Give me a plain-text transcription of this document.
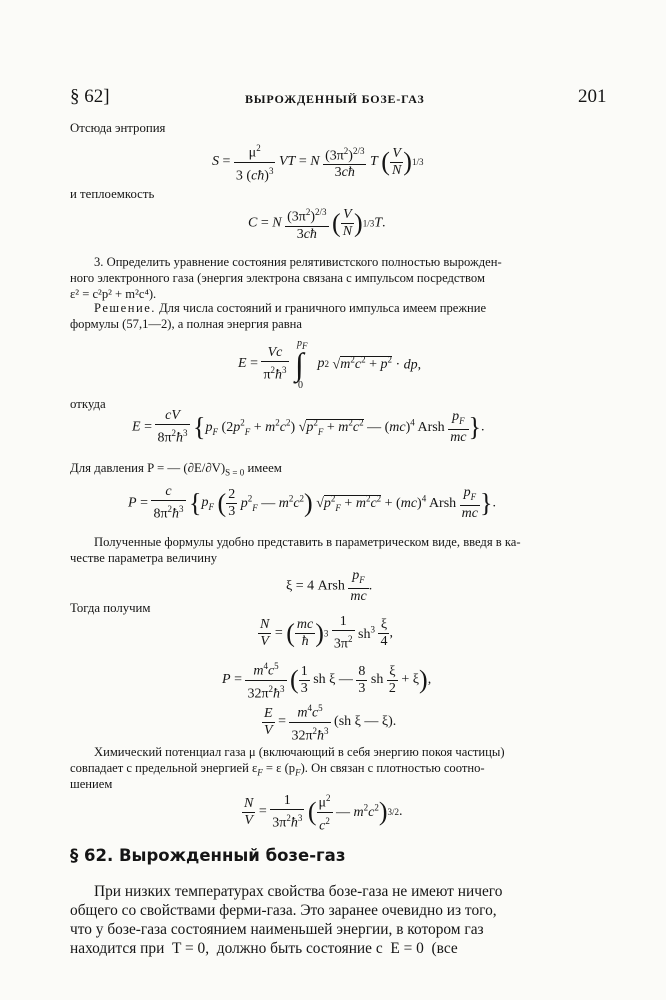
§ 62]	ВЫРОЖДЕННЫЙ БОЗЕ-ГАЗ	201
Отсюда энтропия
$S = \frac{\mu^2}{3 (cħ)^3}$ VT = N $\frac{(3\pi^2)^{2/3}}{3cħ}$ T ( $\frac{V}{N} )1/3$
и теплоемкость
C = N $\frac{(3\pi^2)^{2/3}}{3cħ}$ ( $\frac{V}{N} )1/3T$.
3. Определить уравнение состояния релятивистского полностью вырожден-
ного электронного газа (энергия электрона связана с импульсом посредством
ε² = c²p² + m²c⁴).
Решение. Для числа состояний и граничного импульса имеем прежние
формулы (57,1—2), а полная энергия равна
$E = \frac{Vc}{\pi^2ħ^3}$

$p_F$
∫
0
p2 $√m^2c^2 + p^2$ · dp,
откуда
$E = \frac{cV}{8\pi^2ħ^3} \{p_F$ $(2p^2_F + m^2c^2) √p^2_F + m^2c^2$ — (mc)$^4$ Arsh $\frac{p_F}{mc}$ }.
Для давления P = — $(\partial E/\partial V)_{S = 0}$ имеем
$P = \frac{c}{8\pi^2ħ^3} \{p_F$ ( $\frac{2}{3} p^2_F$ — $m^2c^2$) $√p^2_F + m^2c^2 + (mc)^4$ Arsh $\frac{p_F}{mc}$ }.
Полученные формулы удобно представить в параметрическом виде, введя в ка-
честве параметра величину
ξ = 4 Arsh $\frac{p_F}{mc}$ .
Тогда получим
$\frac{N}{V}$ = ( $\frac{mc}{ħ} )3 \frac{1}{3\pi^2} sh^3 \frac{\xi}{4}$ ,
$P = \frac{m^4c^5}{32\pi^2ħ^3}$ ( $\frac{1}{3}$ sh ξ — $\frac{8}{3}$ sh $\frac{\xi}{2} + \xi$),
$\frac{E}{V} = \frac{m^4c^5}{32\pi^2ħ^3} (sh$ ξ — ξ).
Химический потенциал газа μ (включающий в себя энергию покоя частицы)
совпадает с предельной энергией $\varepsilon_F = \varepsilon$ $(p_F)$. Он связан с плотностью соотно-
шением
$\frac{N}{V} = \frac{1}{3\pi^2ħ^3}$ ( $\frac{\mu^2}{c^2}$ — $m^2c^2)3/2$.
§ 62. Вырожденный бозе-газ
При низких температурах свойства бозе-газа не имеют ничего
общего со свойствами ферми-газа. Это заранее очевидно из того,
что у бозе-газа состоянием наименьшей энергии, в котором газ
находится при  T = 0,  должно быть состояние с  E = 0  (все
